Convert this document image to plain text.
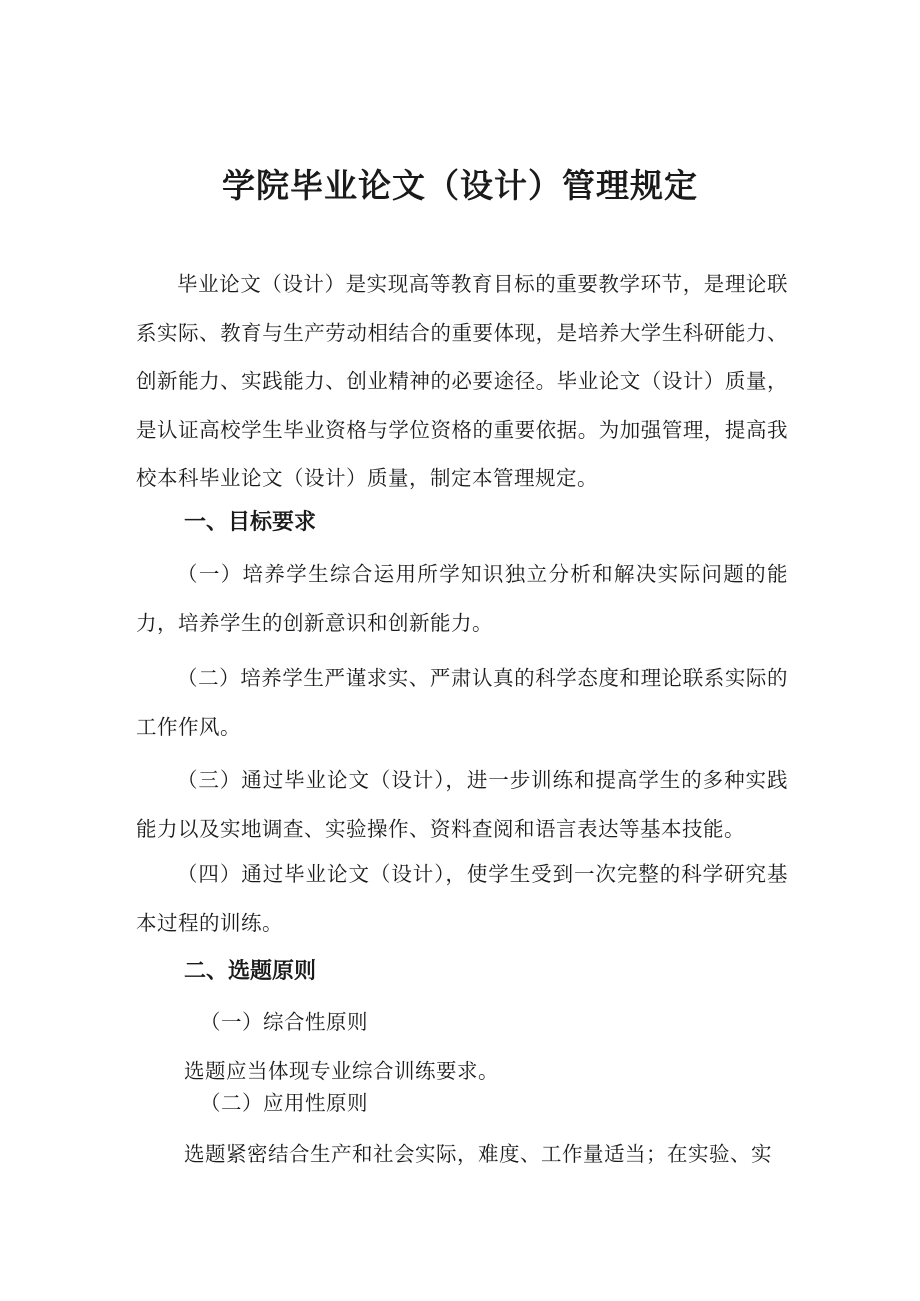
学院毕业论文（设计）管理规定

毕业论文（设计）是实现高等教育目标的重要教学环节，是理论联系实际、教育与生产劳动相结合的重要体现，是培养大学生科研能力、创新能力、实践能力、创业精神的必要途径。毕业论文（设计）质量，是认证高校学生毕业资格与学位资格的重要依据。为加强管理，提高我校本科毕业论文（设计）质量，制定本管理规定。

一、目标要求

（一）培养学生综合运用所学知识独立分析和解决实际问题的能力，培养学生的创新意识和创新能力。

（二）培养学生严谨求实、严肃认真的科学态度和理论联系实际的工作作风。

（三）通过毕业论文（设计），进一步训练和提高学生的多种实践能力以及实地调查、实验操作、资料查阅和语言表达等基本技能。

（四）通过毕业论文（设计），使学生受到一次完整的科学研究基本过程的训练。

二、选题原则

（一）综合性原则

选题应当体现专业综合训练要求。

（二）应用性原则

选题紧密结合生产和社会实际，难度、工作量适当；在实验、实
